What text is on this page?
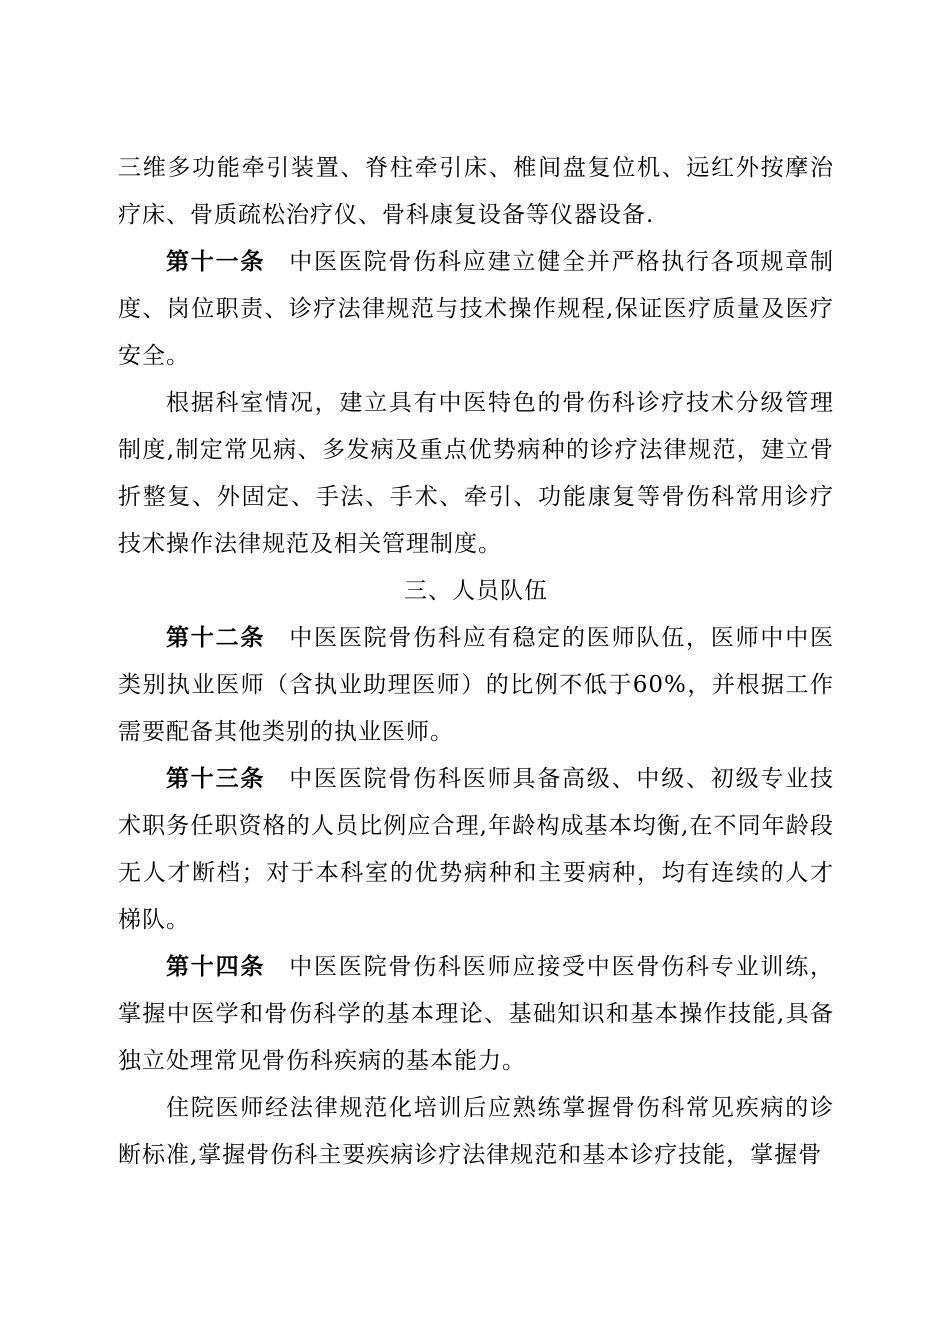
三维多功能牵引装置、脊柱牵引床、椎间盘复位机、远红外按摩治疗床、骨质疏松治疗仪、骨科康复设备等仪器设备.

第十一条 中医医院骨伤科应建立健全并严格执行各项规章制度、岗位职责、诊疗法律规范与技术操作规程,保证医疗质量及医疗安全。

根据科室情况，建立具有中医特色的骨伤科诊疗技术分级管理制度,制定常见病、多发病及重点优势病种的诊疗法律规范，建立骨折整复、外固定、手法、手术、牵引、功能康复等骨伤科常用诊疗技术操作法律规范及相关管理制度。

三、人员队伍

第十二条 中医医院骨伤科应有稳定的医师队伍，医师中中医类别执业医师（含执业助理医师）的比例不低于60%，并根据工作需要配备其他类别的执业医师。

第十三条 中医医院骨伤科医师具备高级、中级、初级专业技术职务任职资格的人员比例应合理,年龄构成基本均衡,在不同年龄段无人才断档；对于本科室的优势病种和主要病种，均有连续的人才梯队。

第十四条 中医医院骨伤科医师应接受中医骨伤科专业训练，掌握中医学和骨伤科学的基本理论、基础知识和基本操作技能,具备独立处理常见骨伤科疾病的基本能力。

住院医师经法律规范化培训后应熟练掌握骨伤科常见疾病的诊断标准,掌握骨伤科主要疾病诊疗法律规范和基本诊疗技能，掌握骨
